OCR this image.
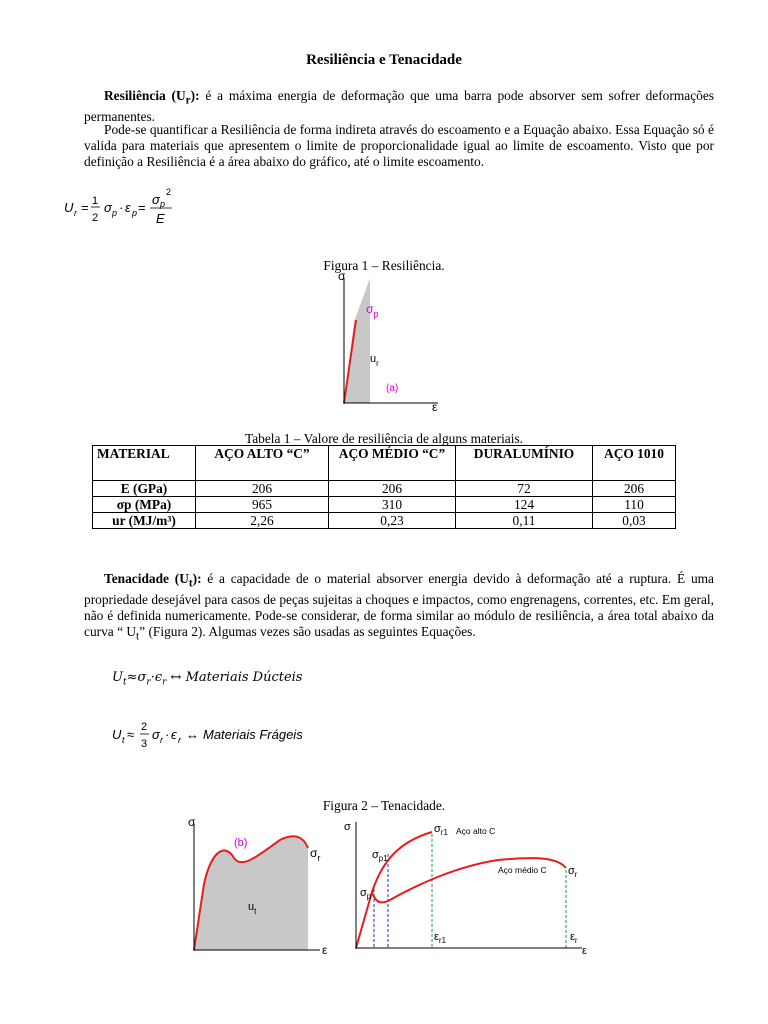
Resiliência e Tenacidade
Resiliência $(U_r)$: é a máxima energia de deformação que uma barra pode absorver sem sofrer deformações permanentes.
Pode-se quantificar a Resiliência de forma indireta através do escoamento e a Equação abaixo. Essa Equação só é valida para materiais que apresentem o limite de proporcionalidade igual ao limite de escoamento. Visto que por definição a Resiliência é a área abaixo do gráfico, até o limite escoamento.
U r = 1
2
σ p · ε p =
σ p
2
E
Figura 1 – Resiliência.
σ
$\sigma_p$
$u_r$
(a)
ε
Tabela 1 – Valore de resiliência de alguns materiais.
MATERIAL	AÇO ALTO “C”	AÇO MÉDIO “C”	DURALUMÍNIO	AÇO 1010
E (GPa)	206	206	72	206
σp (MPa)	965	310	124	110
ur (MJ/m³)	2,26	0,23	0,11	0,03
Tenacidade $(U_t)$: é a capacidade de o material absorver energia devido à deformação até a ruptura. É uma propriedade desejável para casos de peças sujeitas a choques e impactos, como engrenagens, correntes, etc. Em geral, não é definida numericamente. Pode-se considerar, de forma similar ao módulo de resiliência, a área total abaixo da curva “ $U_t$” (Figura 2). Algumas vezes são usadas as seguintes Equações.
$U_t\approx\sigma_r\cdot\epsilon_r$ ↔ Materiais Dúcteis
U t ≈ 2
3
σ r · ϵ r ↔ Materiais Frágeis
Figura 2 – Tenacidade.
σ
(b)
$\sigma_r$
$u_t$
ε
σ	$\sigma_{r1}$ Aço alto C
$\sigma_{p1}$
$\sigma_p$
Aço médio C $\sigma_r$
$\varepsilon_{r1}$	$\varepsilon_r$
ε
